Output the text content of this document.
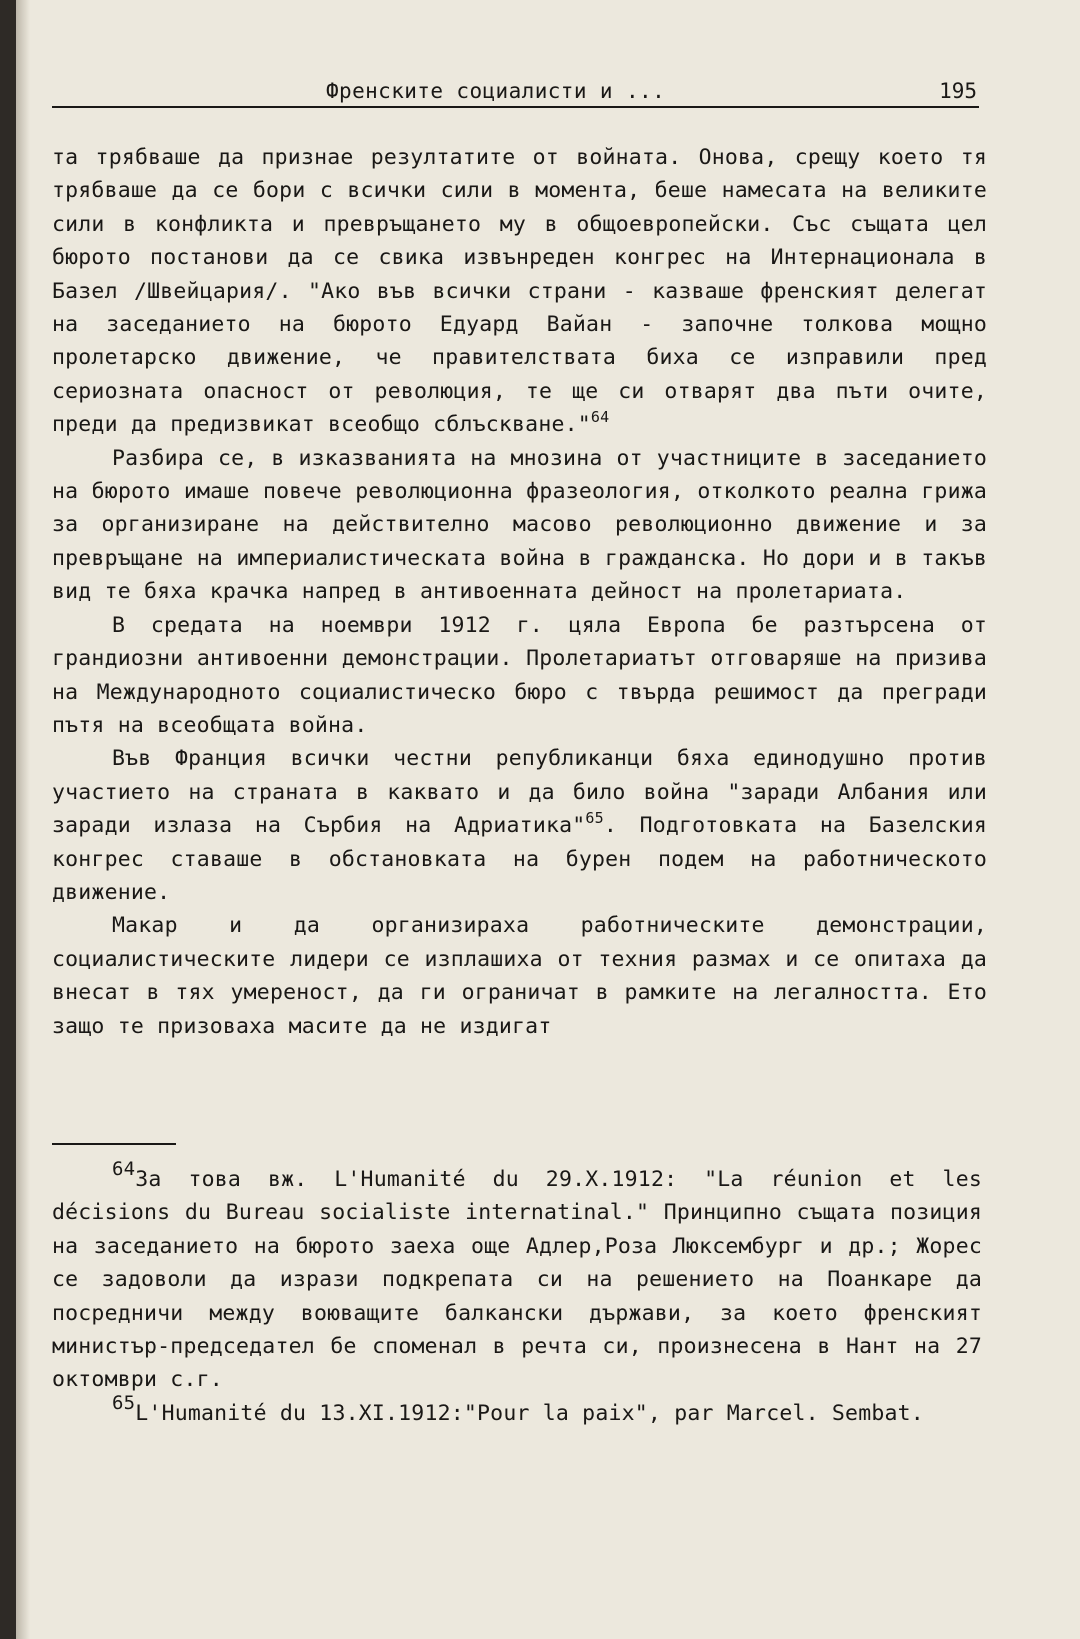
Френските социалисти и ...	195

та трябваше да признае резултатите от войната. Онова, срещу което тя трябваше да се бори с всички сили в момента, беше намесата на великите сили в конфликта и превръщането му в общоевропейски. Със същата цел бюрото постанови да се свика извънреден конгрес на Интернационала в Базел /Швейцария/. "Ако във всички страни - казваше френският делегат на заседанието на бюрото Едуард Вайан - започне толкова мощно пролетарско движение, че правителствата биха се изправили пред сериозната опасност от революция, те ще си отварят два пъти очите, преди да предизвикат всеобщо сблъскване."$^{64}$

Разбира се, в изказванията на мнозина от участниците в заседанието на бюрото имаше повече революционна фразеология, отколкото реална грижа за организиране на действително масово революционно движение и за превръщане на империалистическата война в гражданска. Но дори и в такъв вид те бяха крачка напред в антивоенната дейност на пролетариата.

В средата на ноември 1912 г. цяла Европа бе разтърсена от грандиозни антивоенни демонстрации. Пролетариатът отговаряше на призива на Международното социалистическо бюро с твърда решимост да прегради пътя на всеобщата война.

Във Франция всички честни републиканци бяха единодушно против участието на страната в каквато и да било война "заради Албания или заради излаза на Сърбия на Адриатика"$^{65}$. Подготовката на Базелския конгрес ставаше в обстановката на бурен подем на работническото движение.

Макар и да организираха работническите демонстрации, социалистическите лидери се изплашиха от техния размах и се опитаха да внесат в тях умереност, да ги ограничат в рамките на легалността. Ето защо те призоваха масите да не издигат

64За това вж. L'Humanité du 29.X.1912: "La réunion et les décisions du Bureau socialiste internatinal." Принципно същата позиция на заседанието на бюрото заеха още Адлер,Роза Люксембург и др.; Жорес се задоволи да изрази подкрепата си на решението на Поанкаре да посредничи между воюващите балкански държави, за което френският министър-председател бе споменал в речта си, произнесена в Нант на 27 октомври с.г.

65L'Humanité du 13.XI.1912:"Pour la paix", par Marcel. Sembat.
